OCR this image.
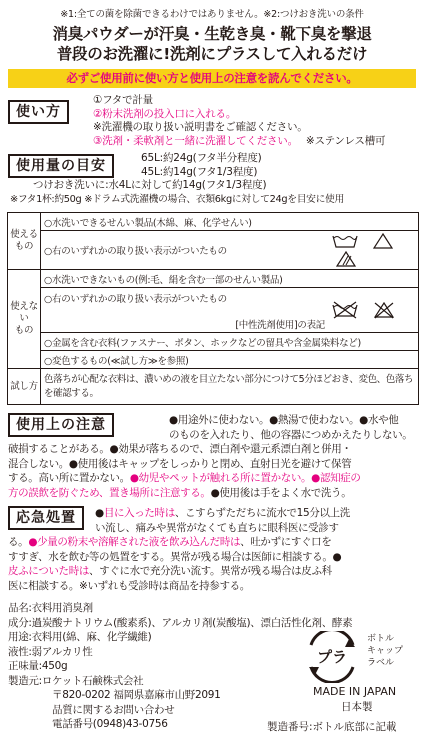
※1:全ての菌を除菌できるわけではありません。※2:つけおき洗いの条件
消臭パウダーが汗臭・生乾き臭・靴下臭を撃退
普段のお洗濯に!洗剤にプラスして入れるだけ
必ずご使用前に使い方と使用上の注意を読んでください。
使い方
①フタで計量
②粉末洗剤の投入口に入れる。
※洗濯機の取り扱い説明書をご確認ください。
③洗剤・柔軟剤と一緒に洗濯してください。 ※ステンレス槽可
使用量の目安	65L:約24g(フタ半分程度)
45L:約14g(フタ1/3程度)
つけおき洗いに:水4Lに対して約14g(フタ1/3程度)
※フタ1杯:約50g ※ドラム式洗濯機の場合、衣類6kgに対して24gを目安に使用
使える
もの	○水洗いできるせんい製品(木綿、麻、化学せんい)	
	○右のいずれかの取り扱い表示がついたもの	
使えない
もの	○水洗いできないもの(例:毛、絹を含む一部のせんい製品)	

	○右のいずれかの取り扱い表示がついたもの
[中性洗剤使用]の表記

	○金属を含む衣料(ファスナー、ボタン、ホックなどの留具や含金属染料など)	
	○変色するもの(≪試し方≫を参照)	
試し方	色落ちが心配な衣料は、濃いめの液を目立たない部分につけて5分ほどおき、変色、色落ちを確認する。	
使用上の注意	●用途外に使わない。●熱湯で使わない。●水や他
のものを入れたり、他の容器につめかえたりしない。
破損することがある。●効果が落ちるので、漂白剤や還元系漂白剤と併用・
混合しない。●使用後はキャップをしっかりと閉め、直射日光を避けて保管
する。高い所に置かない。●幼児やペットが触れる所に置かない。●認知症の
方の誤飲を防ぐため、置き場所に注意する。●使用後は手をよく水で洗う。
応急処置	●目に入った時は、こすらずただちに流水で15分以上洗
い流し、痛みや異常がなくても直ちに眼科医に受診す
る。●少量の粉末や溶解された液を飲み込んだ時は、吐かずにすぐ口を
すすぎ、水を飲む等の処置をする。異常が残る場合は医師に相談する。●
皮ふについた時は、すぐに水で充分洗い流す。異常が残る場合は皮ふ科
医に相談する。※いずれも受診時は商品を持参する。
品名:衣料用消臭剤
成分:過炭酸ナトリウム(酸素系)、アルカリ剤(炭酸塩)、漂白活性化剤、酵素
用途:衣料用(綿、麻、化学繊維)
液性:弱アルカリ性
正味量:450g
製造元:ロケット石鹸株式会社
〒820-0202 福岡県嘉麻市山野2091
品質に関するお問い合わせ
電話番号(0948)43-0756
プラ
ボトル
キャップ
ラベル
MADE IN JAPAN
日本製
製造番号:ボトル底部に記載
